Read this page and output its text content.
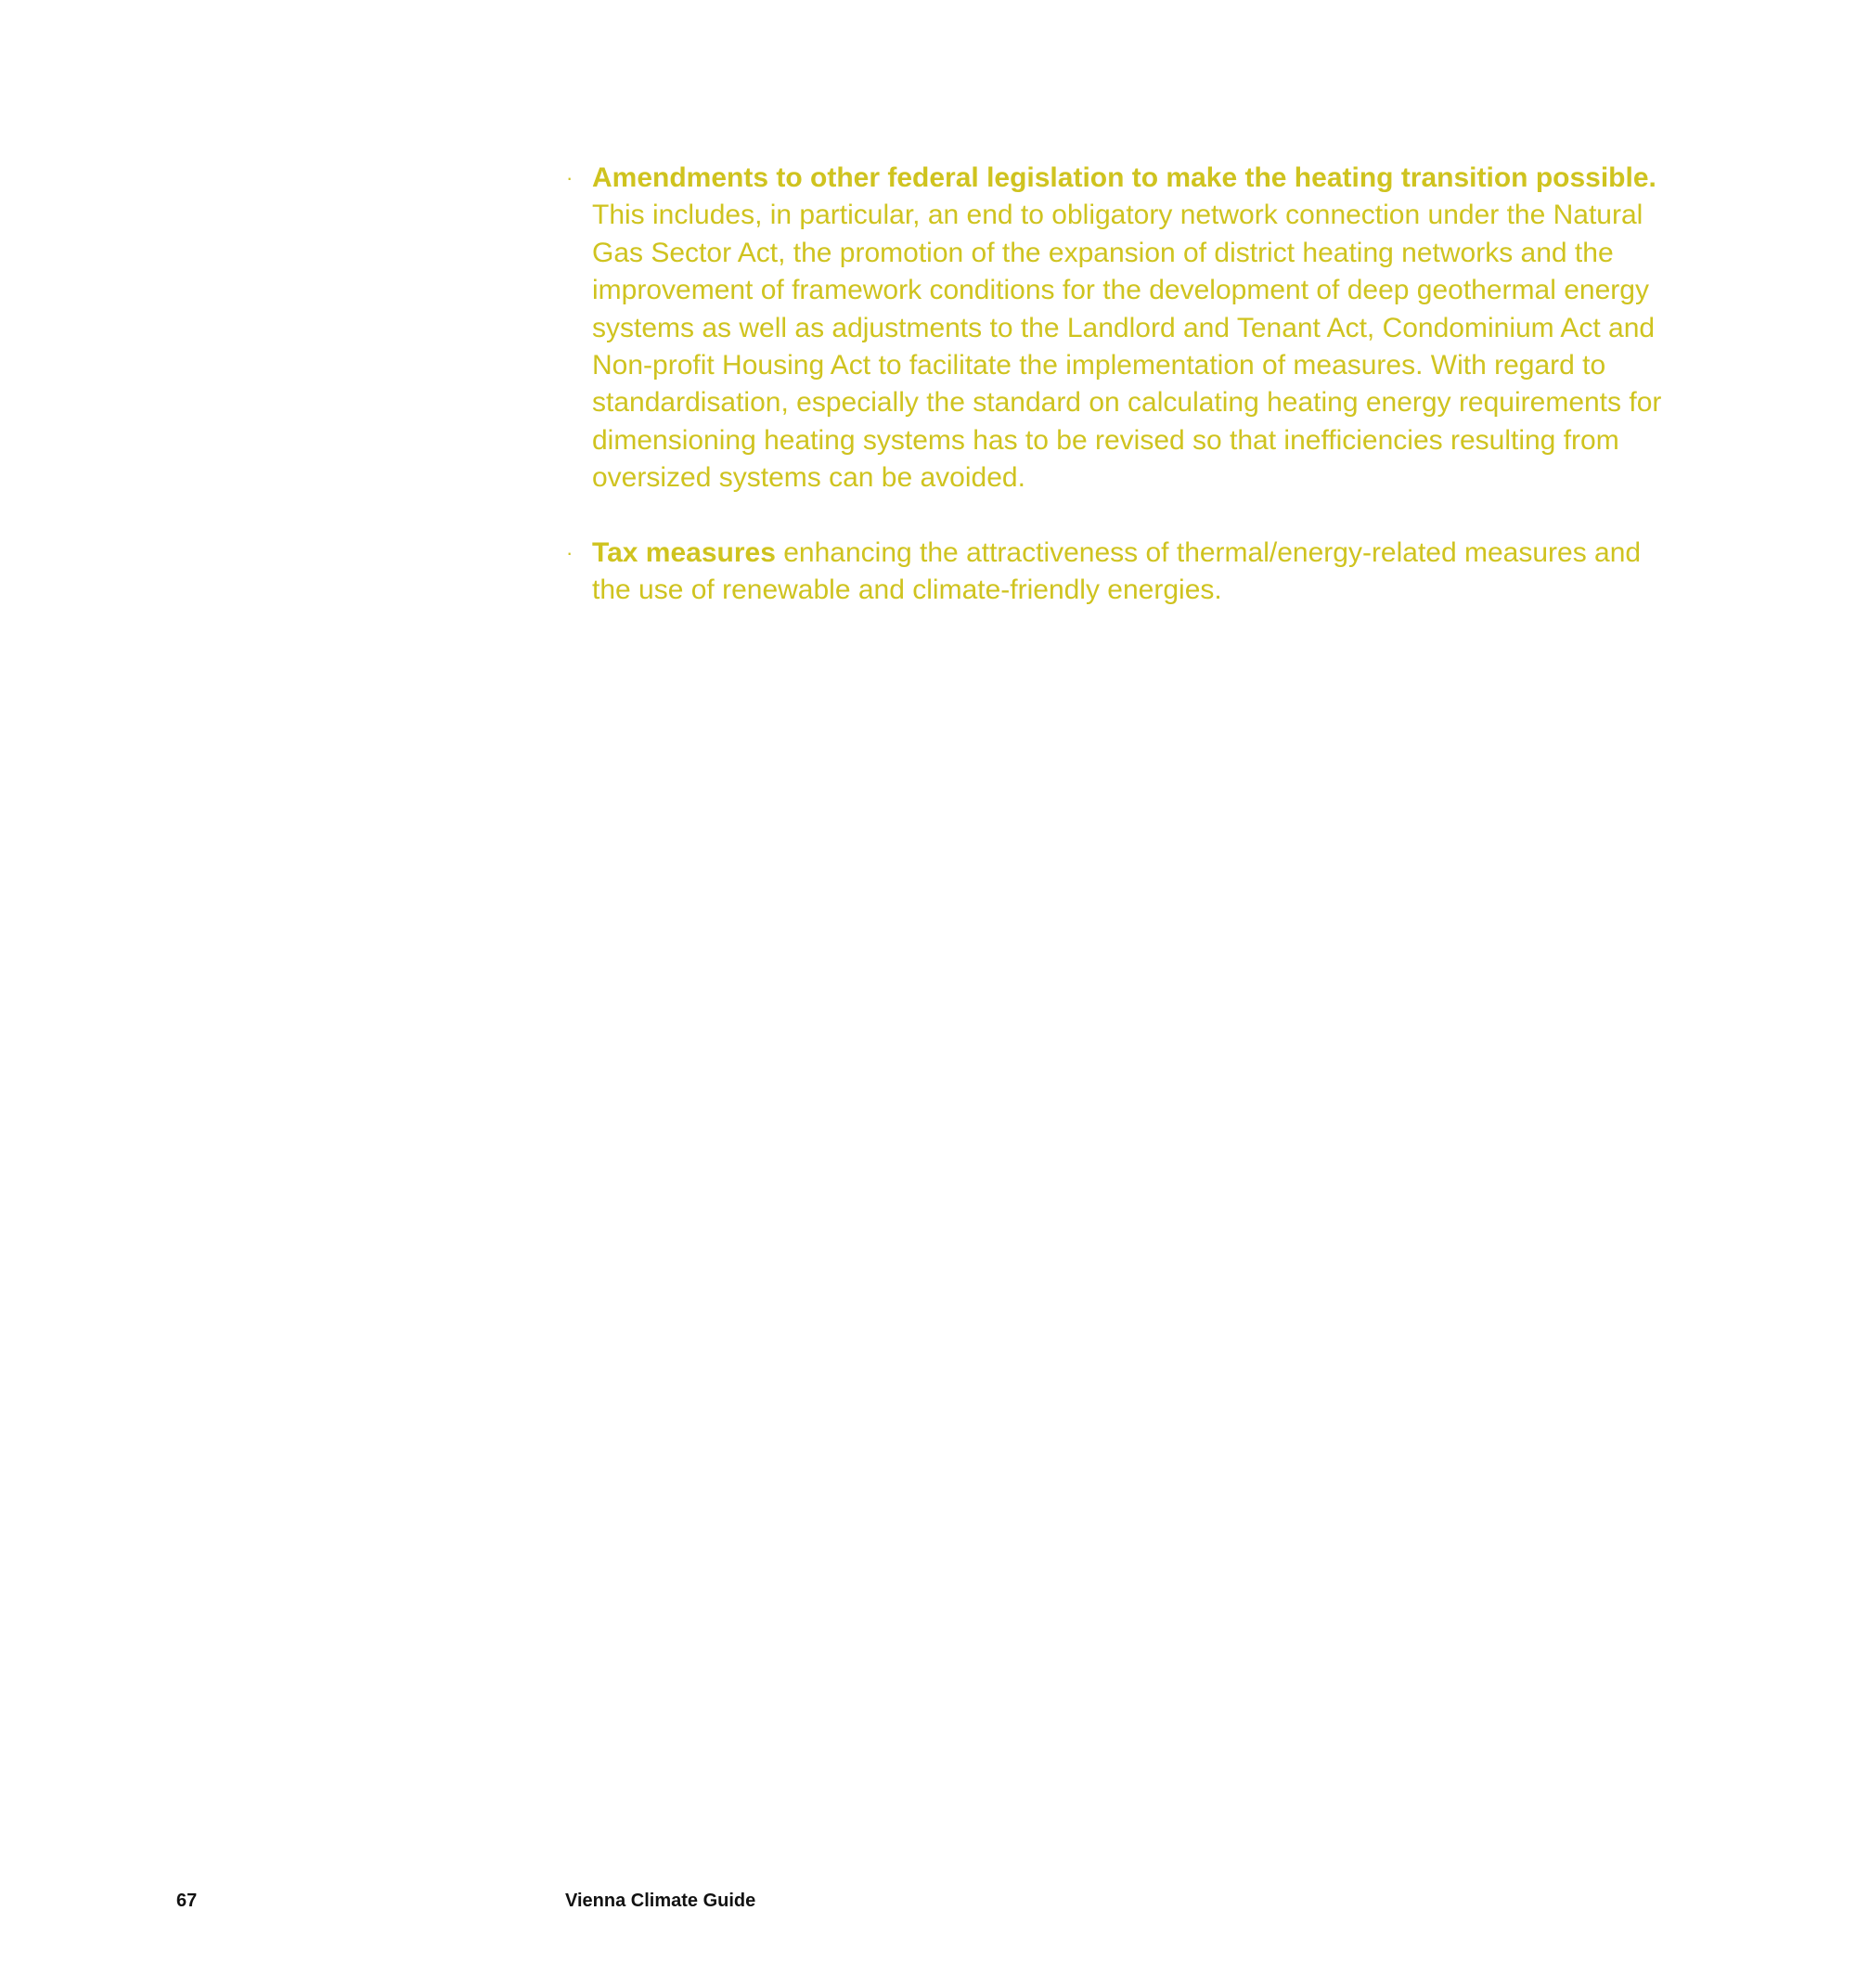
· Amendments to other federal legislation to make the heating transition possible.
This includes, in particular, an end to obligatory network connection under the Natural Gas Sector Act, the promotion of the expansion of district heating networks and the improvement of framework conditions for the development of deep geothermal energy systems as well as adjustments to the Landlord and Tenant Act, Condominium Act and Non-profit Housing Act to facilitate the implementation of measures. With regard to standardisation, especially the standard on calculating heating energy requirements for dimensioning heating systems has to be revised so that inefficiencies resulting from oversized systems can be avoided.
· Tax measures enhancing the attractiveness of thermal/energy-related measures and the use of renewable and climate-friendly energies.
67	Vienna Climate Guide
